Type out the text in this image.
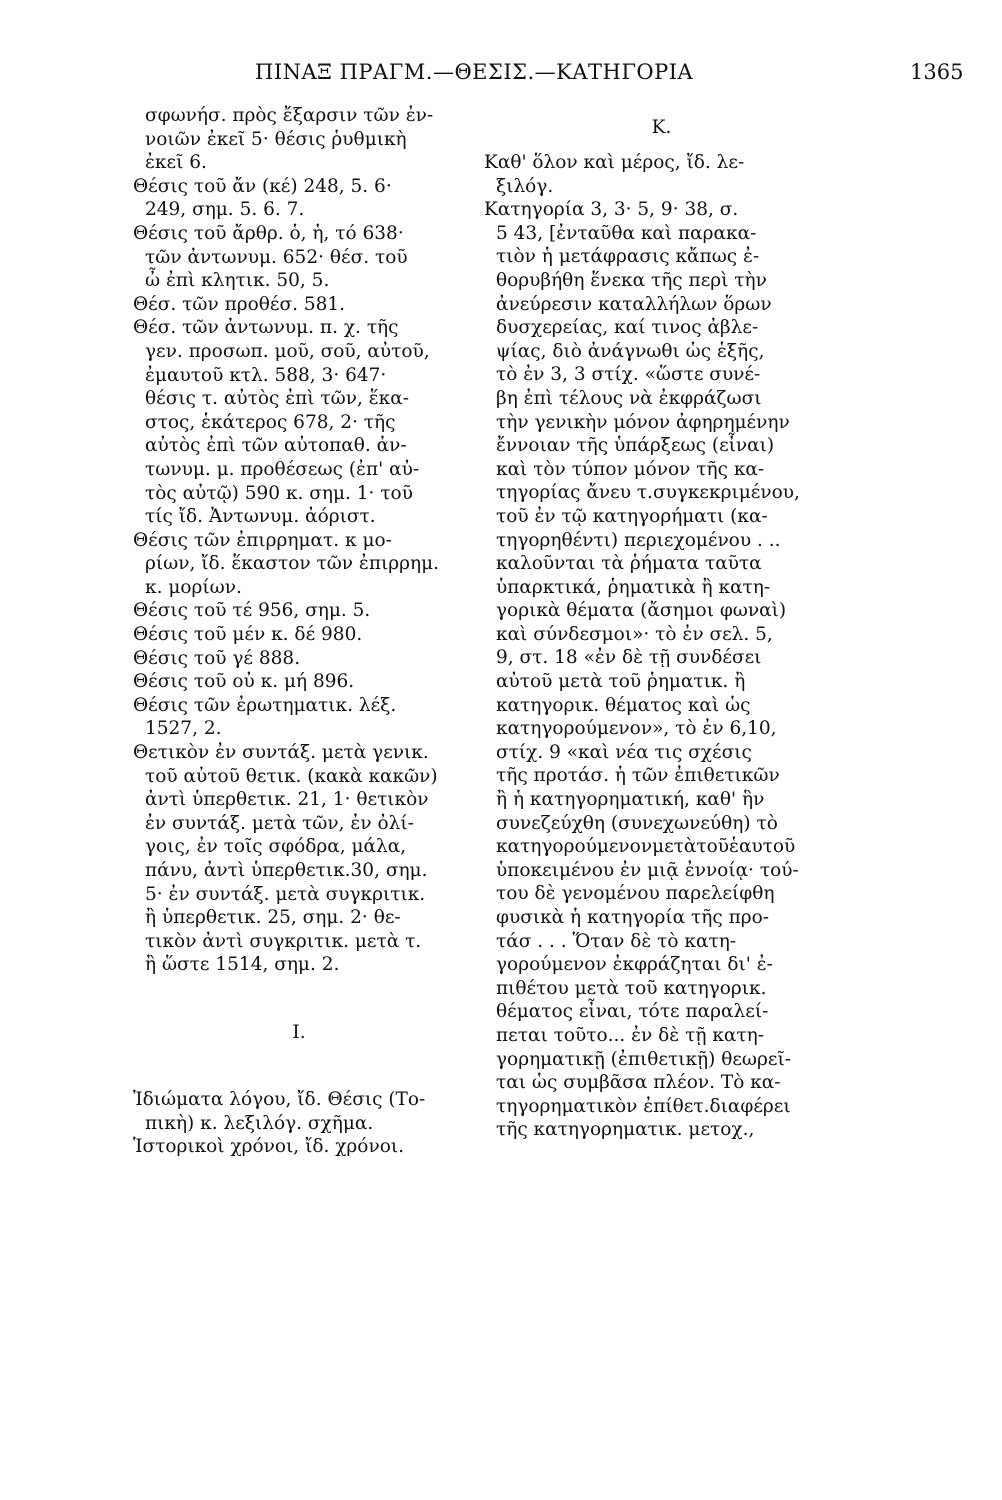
ΠΙΝΑΞ ΠΡΑΓΜ.—ΘΕΣΙΣ.—ΚΑΤΗΓΟΡΙΑ	1365
σφωνήσ. πρὸς ἔξαρσιν τῶν ἐν-
νοιῶν ἐκεῖ 5· θέσις ῥυθμικὴ
ἐκεῖ 6.
Θέσις τοῦ ἄν (κέ) 248, 5. 6·
249, σημ. 5. 6. 7.
Θέσις τοῦ ἄρθρ. ὁ, ἡ, τό 638·
τῶν ἀντωνυμ. 652· θέσ. τοῦ
ὦ ἐπὶ κλητικ. 50, 5.
Θέσ. τῶν προθέσ. 581.
Θέσ. τῶν ἀντωνυμ. π. χ. τῆς
γεν. προσωπ. μοῦ, σοῦ, αὐτοῦ,
ἐμαυτοῦ κτλ. 588, 3· 647·
θέσις τ. αὐτὸς ἐπὶ τῶν, ἕκα-
στος, ἑκάτερος 678, 2· τῆς
αὐτὸς ἐπὶ τῶν αὐτοπαθ. ἀν-
τωνυμ. μ. προθέσεως (ἐπ' αὐ-
τὸς αὐτῷ) 590 κ. σημ. 1· τοῦ
τίς ἴδ. Ἀντωνυμ. ἀόριστ.
Θέσις τῶν ἐπιρρηματ. κ μο-
ρίων, ἴδ. ἕκαστον τῶν ἐπιρρημ.
κ. μορίων.
Θέσις τοῦ τέ 956, σημ. 5.
Θέσις τοῦ μέν κ. δέ 980.
Θέσις τοῦ γέ 888.
Θέσις τοῦ οὐ κ. μή 896.
Θέσις τῶν ἐρωτηματικ. λέξ.
1527, 2.
Θετικὸν ἐν συντάξ. μετὰ γενικ.
τοῦ αὐτοῦ θετικ. (κακὰ κακῶν)
ἀντὶ ὑπερθετικ. 21, 1· θετικὸν
ἐν συντάξ. μετὰ τῶν, ἐν ὀλί-
γοις, ἐν τοῖς σφόδρα, μάλα,
πάνυ, ἀντὶ ὑπερθετικ.30, σημ.
5· ἐν συντάξ. μετὰ συγκριτικ.
ἢ ὑπερθετικ. 25, σημ. 2· θε-
τικὸν ἀντὶ συγκριτικ. μετὰ τ.
ἢ ὥστε 1514, σημ. 2.
Ι.
Ἰδιώματα λόγου, ἴδ. Θέσις (Το-
πικὴ) κ. λεξιλόγ. σχῆμα.
Ἱστορικοὶ χρόνοι, ἴδ. χρόνοι.
Κ.
Καθ' ὅλον καὶ μέρος, ἴδ. λε-
ξιλόγ.
Κατηγορία 3, 3· 5, 9· 38, σ.
5 43, [ἐνταῦθα καὶ παρακα-
τιὸν ἡ μετάφρασις κἄπως ἐ-
θορυβήθη ἕνεκα τῆς περὶ τὴν
ἀνεύρεσιν καταλλήλων ὅρων
δυσχερείας, καί τινος ἀβλε-
ψίας, διὸ ἀνάγνωθι ὡς ἑξῆς,
τὸ ἐν 3, 3 στίχ. «ὥστε συνέ-
βη ἐπὶ τέλους νὰ ἐκφράζωσι
τὴν γενικὴν μόνον ἀφηρημένην
ἔννοιαν τῆς ὑπάρξεως (εἶναι)
καὶ τὸν τύπον μόνον τῆς κα-
τηγορίας ἄνευ τ.συγκεκριμένου,
τοῦ ἐν τῷ κατηγορήματι (κα-
τηγορηθέντι) περιεχομένου . ..
καλοῦνται τὰ ῥήματα ταῦτα
ὑπαρκτικά, ῥηματικὰ ἢ κατη-
γορικὰ θέματα (ἄσημοι φωναὶ)
καὶ σύνδεσμοι»· τὸ ἐν σελ. 5,
9, στ. 18 «ἐν δὲ τῇ συνδέσει
αὐτοῦ μετὰ τοῦ ῥηματικ. ἢ
κατηγορικ. θέματος καὶ ὡς
κατηγορούμενον», τὸ ἐν 6,10,
στίχ. 9 «καὶ νέα τις σχέσις
τῆς προτάσ. ἡ τῶν ἐπιθετικῶν
ἢ ἡ κατηγορηματική, καθ' ἣν
συνεζεύχθη (συνεχωνεύθη) τὸ
κατηγορούμενονμετὰτοῦἑαυτοῦ
ὑποκειμένου ἐν μιᾷ ἐννοίᾳ· τού-
του δὲ γενομένου παρελείφθη
φυσικὰ ἡ κατηγορία τῆς προ-
τάσ . . . Ὅταν δὲ τὸ κατη-
γορούμενον ἐκφράζηται δι' ἐ-
πιθέτου μετὰ τοῦ κατηγορικ.
θέματος εἶναι, τότε παραλεί-
πεται τοῦτο... ἐν δὲ τῇ κατη-
γορηματικῇ (ἐπιθετικῇ) θεωρεῖ-
ται ὡς συμβᾶσα πλέον. Τὸ κα-
τηγορηματικὸν ἐπίθετ.διαφέρει
τῆς κατηγορηματικ. μετοχ.,
